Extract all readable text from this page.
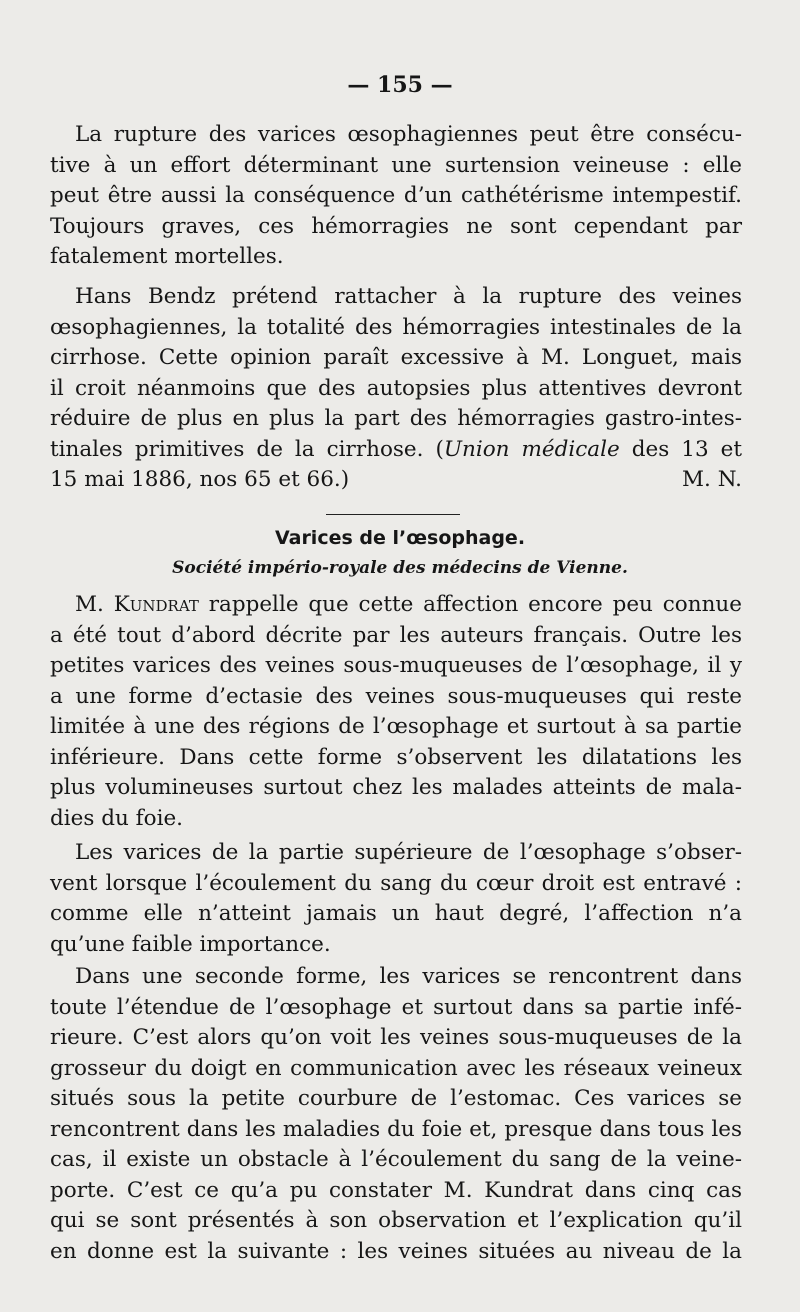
— 155 —
La rupture des varices œsophagiennes peut être consécu-
tive à un effort déterminant une surtension veineuse : elle
peut être aussi la conséquence d’un cathétérisme intempestif.
Toujours graves, ces hémorragies ne sont cependant par
fatalement mortelles.
Hans Bendz prétend rattacher à la rupture des veines
œsophagiennes, la totalité des hémorragies intestinales de la
cirrhose. Cette opinion paraît excessive à M. Longuet, mais
il croit néanmoins que des autopsies plus attentives devront
réduire de plus en plus la part des hémorragies gastro-intes-
tinales primitives de la cirrhose. (Union médicale des 13 et
15 mai 1886, nos 65 et 66.)	M. N.
Varices de l’œsophage.
Société império-royale des médecins de Vienne.
M. Kundrat rappelle que cette affection encore peu connue
a été tout d’abord décrite par les auteurs français. Outre les
petites varices des veines sous-muqueuses de l’œsophage, il y
a une forme d’ectasie des veines sous-muqueuses qui reste
limitée à une des régions de l’œsophage et surtout à sa partie
inférieure. Dans cette forme s’observent les dilatations les
plus volumineuses surtout chez les malades atteints de mala-
dies du foie.
Les varices de la partie supérieure de l’œsophage s’obser-
vent lorsque l’écoulement du sang du cœur droit est entravé :
comme elle n’atteint jamais un haut degré, l’affection n’a
qu’une faible importance.
Dans une seconde forme, les varices se rencontrent dans
toute l’étendue de l’œsophage et surtout dans sa partie infé-
rieure. C’est alors qu’on voit les veines sous-muqueuses de la
grosseur du doigt en communication avec les réseaux veineux
situés sous la petite courbure de l’estomac. Ces varices se
rencontrent dans les maladies du foie et, presque dans tous les
cas, il existe un obstacle à l’écoulement du sang de la veine-
porte. C’est ce qu’a pu constater M. Kundrat dans cinq cas
qui se sont présentés à son observation et l’explication qu’il
en donne est la suivante : les veines situées au niveau de la
